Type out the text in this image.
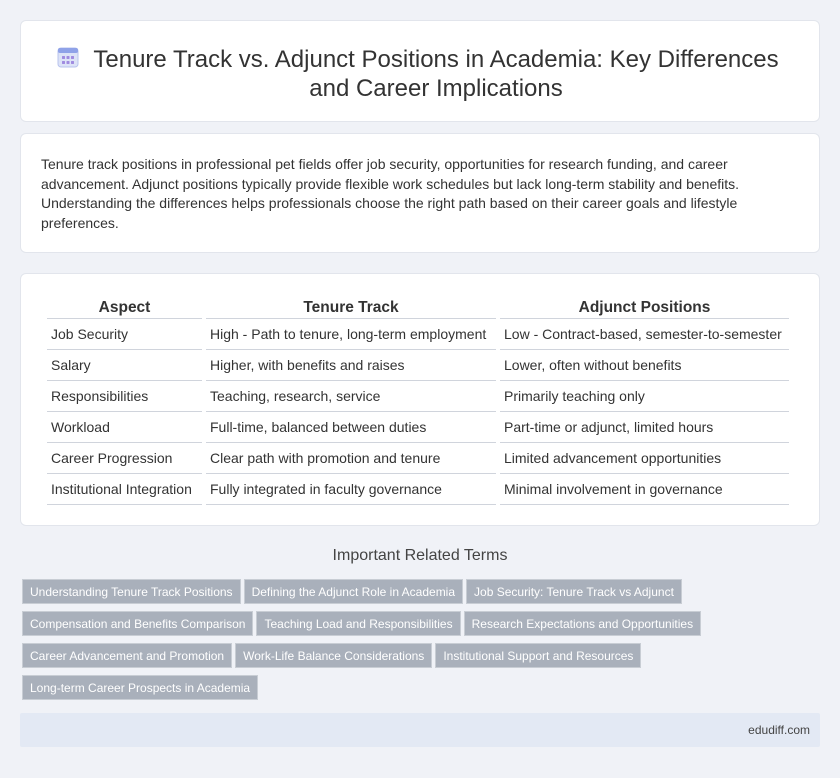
Tenure Track vs. Adjunct Positions in Academia: Key Differences and Career Implications

Tenure track positions in professional pet fields offer job security, opportunities for research funding, and career advancement. Adjunct positions typically provide flexible work schedules but lack long-term stability and benefits. Understanding the differences helps professionals choose the right path based on their career goals and lifestyle preferences.

Aspect	Tenure Track	Adjunct Positions
Job Security	High - Path to tenure, long-term employment	Low - Contract-based, semester-to-semester
Salary	Higher, with benefits and raises	Lower, often without benefits
Responsibilities	Teaching, research, service	Primarily teaching only
Workload	Full-time, balanced between duties	Part-time or adjunct, limited hours
Career Progression	Clear path with promotion and tenure	Limited advancement opportunities
Institutional Integration	Fully integrated in faculty governance	Minimal involvement in governance
Important Related Terms
Understanding Tenure Track Positions Defining the Adjunct Role in Academia Job Security: Tenure Track vs Adjunct
Compensation and Benefits Comparison Teaching Load and Responsibilities Research Expectations and Opportunities
Career Advancement and Promotion Work-Life Balance Considerations Institutional Support and Resources
Long-term Career Prospects in Academia
edudiff.com
